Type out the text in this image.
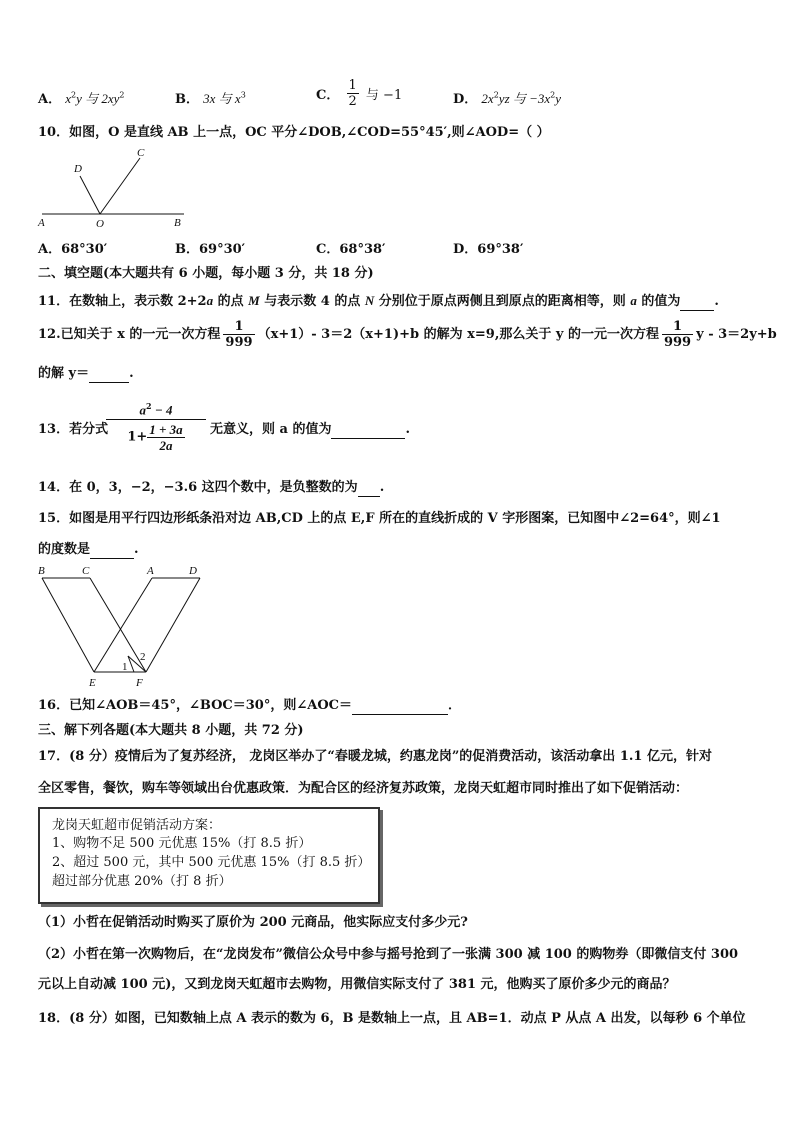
A． $x^2y$ 与 $2xy^2$	B． 3x 与 $x^3$	C． $\frac{1}{2}$ 与 −1	D． $2x^2yz$ 与 $-3x^2y$
10．如图，O 是直线 AB 上一点，OC 平分∠DOB,∠COD=55°45′,则∠AOD=（ ）
D
C
A	O	B
A．68°30′	B．69°30′	C．68°38′	D．69°38′
二、填空题(本大题共有 6 小题，每小题 3 分，共 18 分)
11．在数轴上，表示数 2+2a 的点 M 与表示数 4 的点 N 分别位于原点两侧且到原点的距离相等，则 a 的值为	.
12.已知关于 x 的一元一次方程 $\frac{1}{999} (x+1)-$ 3＝2（x+1)+b 的解为 x=9,那么关于 y 的一元一次方程 $\frac{1}{999}$ y - 3＝2y+b
的解 y＝	.
13．若分式
$a^2 - 4$
$1+ \frac{1 + 3a}{2a}$ 无意义，则 a 的值为	.
14．在 0，3，−2，−3.6 这四个数中，是负整数的为 .
15．如图是用平行四边形纸条沿对边 AB,CD 上的点 E,F 所在的直线折成的 V 字形图案，已知图中∠2=64°，则∠1
的度数是	.
B	C	A	D
E	F
1
2
16．已知∠AOB＝45°，∠BOC＝30°，则∠AOC＝	．
三、解下列各题(本大题共 8 小题，共 72 分)
17．(8 分）疫情后为了复苏经济， 龙岗区举办了“春暖龙城，约惠龙岗”的促消费活动，该活动拿出 1.1 亿元，针对
全区零售，餐饮，购车等领域出台优惠政策．为配合区的经济复苏政策，龙岗天虹超市同时推出了如下促销活动：
龙岗天虹超市促销活动方案：
1、购物不足 500 元优惠 15%（打 8.5 折）
2、超过 500 元，其中 500 元优惠 15%（打 8.5 折）
超过部分优惠 20%（打 8 折）
（1）小哲在促销活动时购买了原价为 200 元商品，他实际应支付多少元?
（2）小哲在第一次购物后，在“龙岗发布”微信公众号中参与摇号抢到了一张满 300 减 100 的购物券（即微信支付 300
元以上自动减 100 元)，又到龙岗天虹超市去购物，用微信实际支付了 381 元，他购买了原价多少元的商品？
18．(8 分）如图，已知数轴上点 A 表示的数为 6，B 是数轴上一点，且 AB=1．动点 P 从点 A 出发，以每秒 6 个单位
